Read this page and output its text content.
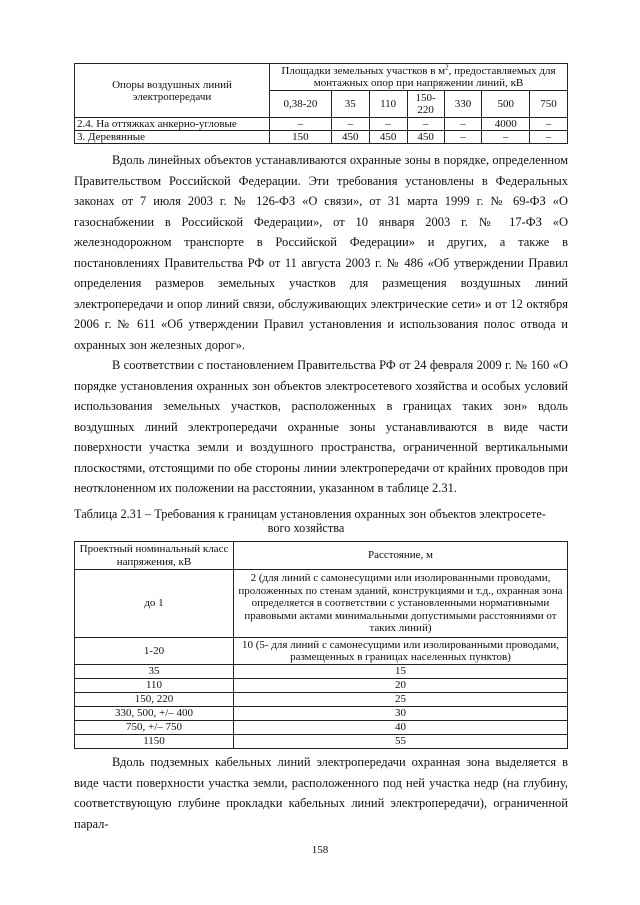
Опоры воздушных линий электропередачи	Площадки земельных участков в $м^2$, предоставляемых для монтажных опор при напряжении линий, кВ						
	0,38-20	35	110	150-220	330	500	750
2.4. На оттяжках анкерно-угловые	–	–	–	–	–	4000	–
3. Деревянные	150	450	450	450	–	–	–

Вдоль линейных объектов устанавливаются охранные зоны в порядке, определенном Правительством Российской Федерации. Эти требования установлены в Федеральных законах от 7 июля 2003 г. № 126-ФЗ «О связи», от 31 марта 1999 г. № 69-ФЗ «О газоснабжении в Российской Федерации», от 10 января 2003 г. № 17-ФЗ «О железнодорожном транспорте в Российской Федерации» и других, а также в постановлениях Правительства РФ от 11 августа 2003 г. № 486 «Об утверждении Правил определения размеров земельных участков для размещения воздушных линий электропередачи и опор линий связи, обслуживающих электрические сети» и от 12 октября 2006 г. № 611 «Об утверждении Правил установления и использования полос отвода и охранных зон железных дорог».

В соответствии с постановлением Правительства РФ от 24 февраля 2009 г. № 160 «О порядке установления охранных зон объектов электросетевого хозяйства и особых условий использования земельных участков, расположенных в границах таких зон» вдоль воздушных линий электропередачи охранные зоны устанавливаются в виде части поверхности участка земли и воздушного пространства, ограниченной вертикальными плоскостями, отстоящими по обе стороны линии электропередачи от крайних проводов при неотклоненном их положении на расстоянии, указанном в таблице 2.31.

Таблица 2.31 – Требования к границам установления охранных зон объектов электросете-
вого хозяйства
Проектный номинальный класс напряжения, кВ	Расстояние, м
до 1	2 (для линий с самонесущими или изолированными проводами, проложенных по стенам зданий, конструкциями и т.д., охранная зона определяется в соответствии с установленными нормативными правовыми актами минимальными допустимыми расстояниями от таких линий)
1-20	10 (5- для линий с самонесущими или изолированными проводами, размещенных в границах населенных пунктов)
35	15
110	20
150, 220	25
330, 500, +/– 400	30
750, +/– 750	40
1150	55

Вдоль подземных кабельных линий электропередачи охранная зона выделяется в виде части поверхности участка земли, расположенного под ней участка недр (на глубину, соответствующую глубине прокладки кабельных линий электропередачи), ограниченной парал-

158
